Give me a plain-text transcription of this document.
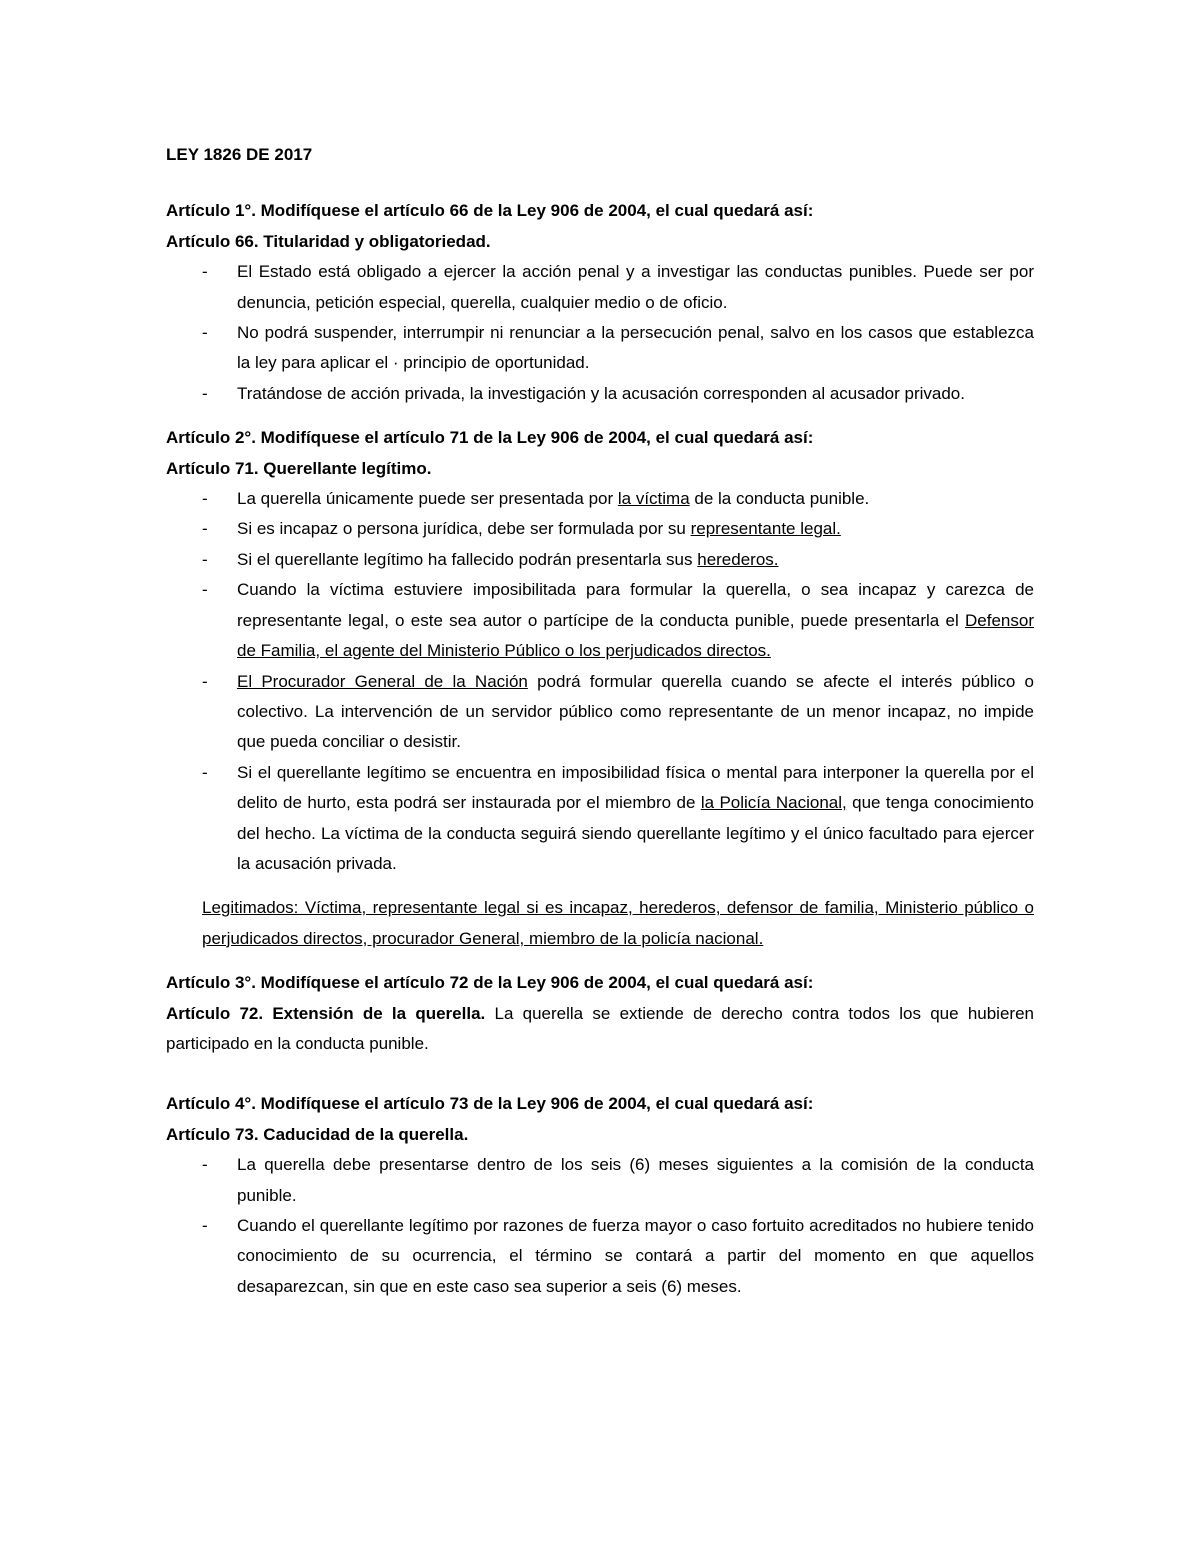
LEY 1826 DE 2017
Artículo 1°. Modifíquese el artículo 66 de la Ley 906 de 2004, el cual quedará así:
Artículo 66. Titularidad y obligatoriedad.
- El Estado está obligado a ejercer la acción penal y a investigar las conductas punibles. Puede ser por denuncia, petición especial, querella, cualquier medio o de oficio.
- No podrá suspender, interrumpir ni renunciar a la persecución penal, salvo en los casos que establezca la ley para aplicar el · principio de oportunidad.
- Tratándose de acción privada, la investigación y la acusación corresponden al acusador privado.
Artículo 2°. Modifíquese el artículo 71 de la Ley 906 de 2004, el cual quedará así:
Artículo 71. Querellante legítimo.
- La querella únicamente puede ser presentada por la víctima de la conducta punible.
- Si es incapaz o persona jurídica, debe ser formulada por su representante legal.
- Si el querellante legítimo ha fallecido podrán presentarla sus herederos.
- Cuando la víctima estuviere imposibilitada para formular la querella, o sea incapaz y carezca de representante legal, o este sea autor o partícipe de la conducta punible, puede presentarla el Defensor de Familia, el agente del Ministerio Público o los perjudicados directos.
- El Procurador General de la Nación podrá formular querella cuando se afecte el interés público o colectivo. La intervención de un servidor público como representante de un menor incapaz, no impide que pueda conciliar o desistir.
- Si el querellante legítimo se encuentra en imposibilidad física o mental para interponer la querella por el delito de hurto, esta podrá ser instaurada por el miembro de la Policía Nacional, que tenga conocimiento del hecho. La víctima de la conducta seguirá siendo querellante legítimo y el único facultado para ejercer la acusación privada.
Legitimados: Víctima, representante legal si es incapaz, herederos, defensor de familia, Ministerio público o perjudicados directos, procurador General, miembro de la policía nacional.
Artículo 3°. Modifíquese el artículo 72 de la Ley 906 de 2004, el cual quedará así:
Artículo 72. Extensión de la querella. La querella se extiende de derecho contra todos los que hubieren participado en la conducta punible.
Artículo 4°. Modifíquese el artículo 73 de la Ley 906 de 2004, el cual quedará así:
Artículo 73. Caducidad de la querella.
- La querella debe presentarse dentro de los seis (6) meses siguientes a la comisión de la conducta punible.
- Cuando el querellante legítimo por razones de fuerza mayor o caso fortuito acreditados no hubiere tenido conocimiento de su ocurrencia, el término se contará a partir del momento en que aquellos desaparezcan, sin que en este caso sea superior a seis (6) meses.
